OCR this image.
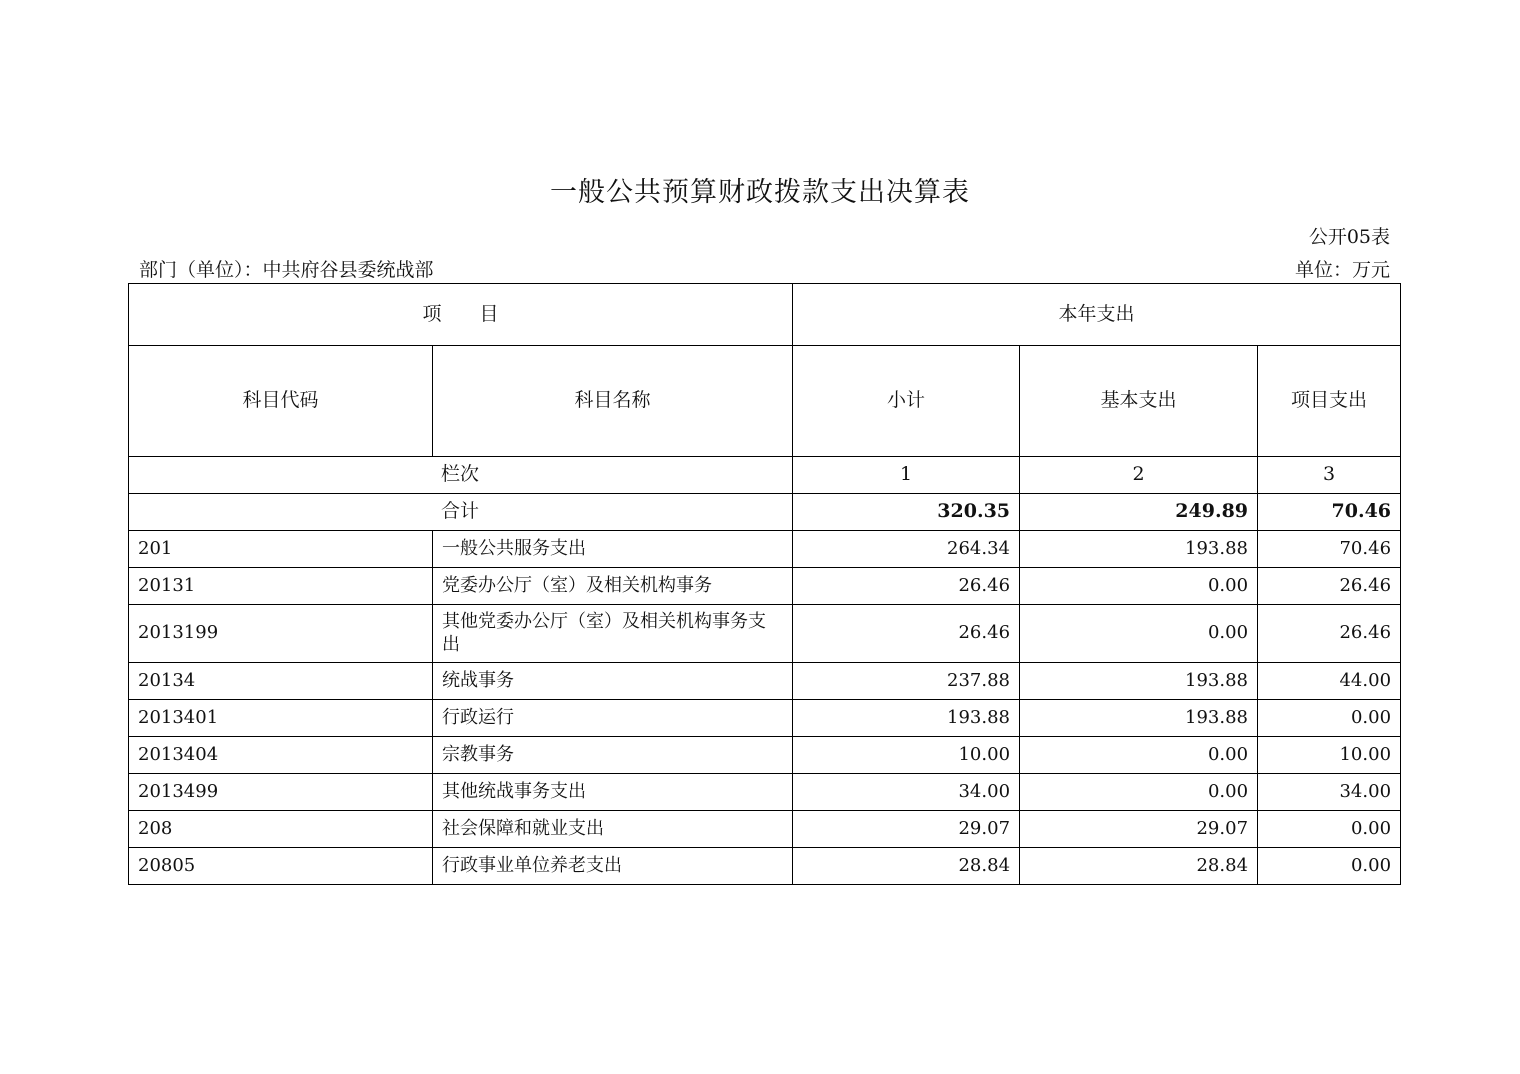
一般公共预算财政拨款支出决算表
公开05表
部门（单位）：中共府谷县委统战部	单位：万元
项　　目		本年支出		
科目代码	科目名称	小计	基本支出	项目支出
栏次		1	2	3
合计		320.35	249.89	70.46
201	一般公共服务支出	264.34	193.88	70.46
20131	党委办公厅（室）及相关机构事务	26.46	0.00	26.46
2013199	其他党委办公厅（室）及相关机构事务支出	26.46	0.00	26.46
20134	统战事务	237.88	193.88	44.00
2013401	行政运行	193.88	193.88	0.00
2013404	宗教事务	10.00	0.00	10.00
2013499	其他统战事务支出	34.00	0.00	34.00
208	社会保障和就业支出	29.07	29.07	0.00
20805	行政事业单位养老支出	28.84	28.84	0.00
